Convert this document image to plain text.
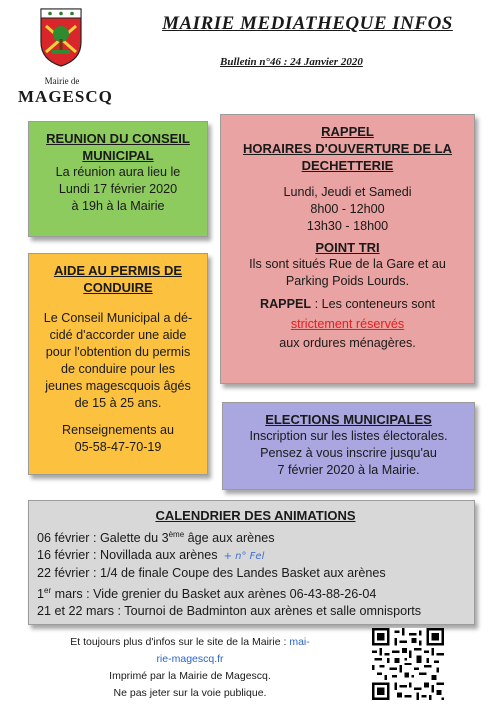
Mairie de
MAGESCQ
MAIRIE MEDIATHEQUE INFOS
Bulletin n°46 : 24 Janvier 2020

REUNION DU CONSEIL

MUNICIPAL

La réunion aura lieu le

Lundi 17 février 2020

à 19h à la Mairie

AIDE AU PERMIS DE

CONDUIRE

Le Conseil Municipal a dé-

cidé d'accorder une aide

pour l'obtention du permis

de conduire pour les

jeunes magescquois âgés

de 15 à 25 ans.

Renseignements au

05-58-47-70-19

RAPPEL

HORAIRES D'OUVERTURE DE LA

DECHETTERIE

Lundi, Jeudi et Samedi

8h00 - 12h00

13h30 - 18h00

POINT TRI

Ils sont situés Rue de la Gare et au

Parking Poids Lourds.

RAPPEL : Les conteneurs sont

strictement réservés

aux ordures ménagères.

ELECTIONS MUNICIPALES

Inscription sur les listes électorales.

Pensez à vous inscrire jusqu'au

7 février 2020 à la Mairie.

CALENDRIER DES ANIMATIONS

06 février : Galette du 3ème âge aux arènes

16 février : Novillada aux arènes + n° Fel

22 février : 1/4 de finale Coupe des Landes Basket aux arènes

1er mars : Vide grenier du Basket aux arènes 06-43-88-26-04

21 et 22 mars : Tournoi de Badminton aux arènes et salle omnisports

Et toujours plus d'infos sur le site de la Mairie : mai-

rie-magescq.fr

Imprimé par la Mairie de Magescq.

Ne pas jeter sur la voie publique.
